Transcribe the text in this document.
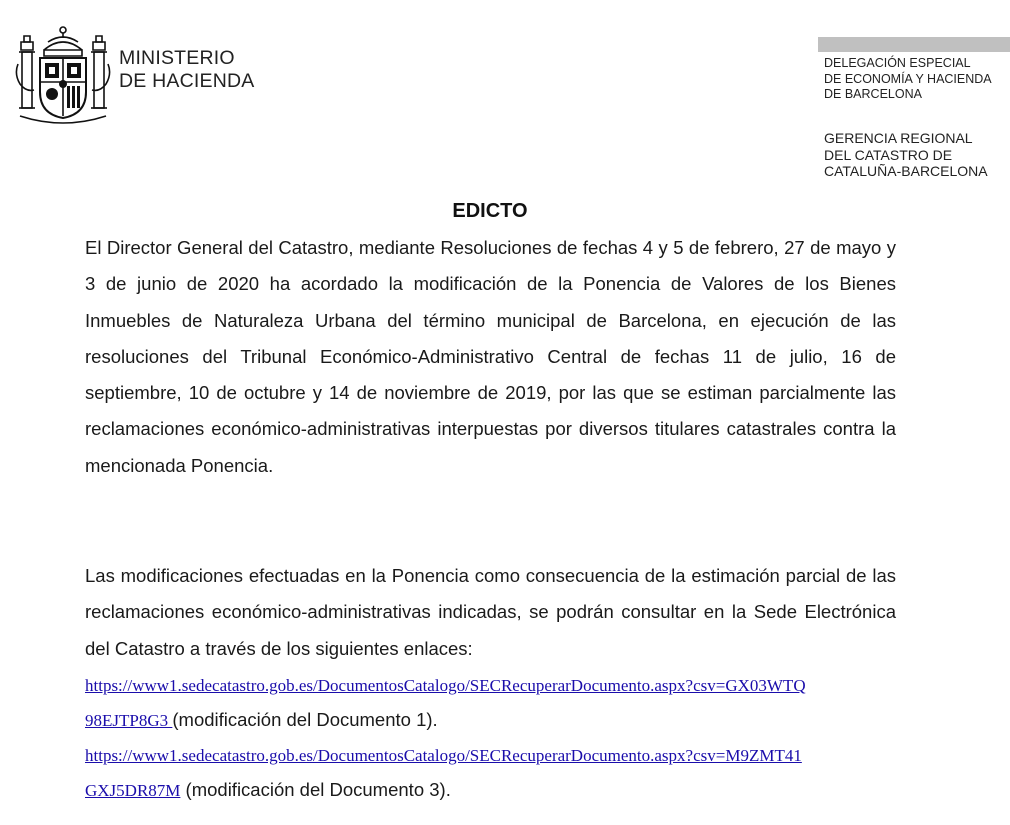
MINISTERIO
DE HACIENDA
DELEGACIÓN ESPECIAL
DE ECONOMÍA Y HACIENDA
DE BARCELONA
GERENCIA REGIONAL
DEL CATASTRO DE
CATALUÑA-BARCELONA
EDICTO
El Director General del Catastro, mediante Resoluciones de fechas 4 y 5 de febrero, 27 de mayo y 3 de junio de 2020 ha acordado la modificación de la Ponencia de Valores de los Bienes Inmuebles de Naturaleza Urbana del término municipal de Barcelona, en ejecución de las resoluciones del Tribunal Económico-Administrativo Central de fechas 11 de julio, 16 de septiembre, 10 de octubre y 14 de noviembre de 2019, por las que se estiman parcialmente las reclamaciones económico-administrativas interpuestas por diversos titulares catastrales contra la mencionada Ponencia.
Las modificaciones efectuadas en la Ponencia como consecuencia de la estimación parcial de las reclamaciones económico-administrativas indicadas, se podrán consultar en la Sede Electrónica del Catastro a través de los siguientes enlaces:
https://www1.sedecatastro.gob.es/DocumentosCatalogo/SECRecuperarDocumento.aspx?csv=GX03WTQ
98EJTP8G3 (modificación del Documento 1).
https://www1.sedecatastro.gob.es/DocumentosCatalogo/SECRecuperarDocumento.aspx?csv=M9ZMT41
GXJ5DR87M (modificación del Documento 3).
